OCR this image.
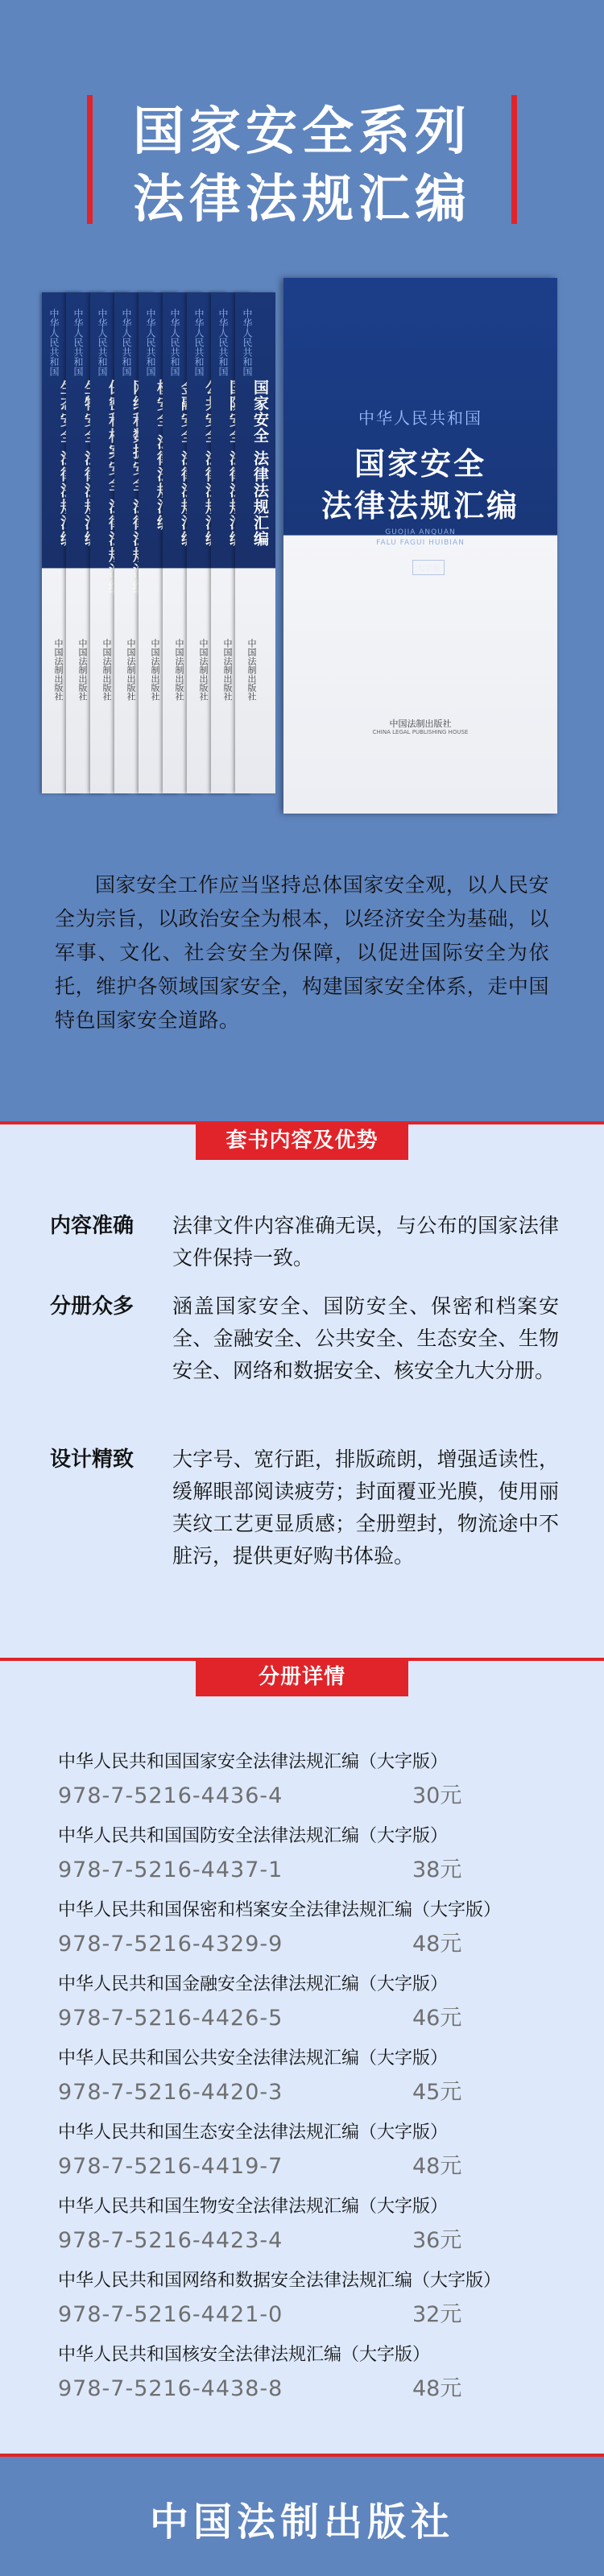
国家安全系列
法律法规汇编
中华人民共和国
中国法制出版社
中华人民共和国
中国法制出版社
中华人民共和国
中国法制出版社
中华人民共和国
中国法制出版社
中华人民共和国
中国法制出版社
中华人民共和国
中国法制出版社
中华人民共和国
中国法制出版社
中华人民共和国
中国法制出版社
中华人民共和国
国家安全 法律法规汇编
中国法制出版社
中华人民共和国
国家安全
法律法规汇编
GUOJIA ANQUAN
FALU FAGUI HUIBIAN
大字版
中国法制出版社
CHINA LEGAL PUBLISHING HOUSE
国家安全工作应当坚持总体国家安全观，以人民安全为宗旨，以政治安全为根本，以经济安全为基础，以军事、文化、社会安全为保障，以促进国际安全为依托，维护各领域国家安全，构建国家安全体系，走中国特色国家安全道路。
套书内容及优势
内容准确	法律文件内容准确无误，与公布的国家法律文件保持一致。
分册众多	涵盖国家安全、国防安全、保密和档案安全、金融安全、公共安全、生态安全、生物安全、网络和数据安全、核安全九大分册。
设计精致	大字号、宽行距，排版疏朗，增强适读性，缓解眼部阅读疲劳；封面覆亚光膜，使用丽芙纹工艺更显质感；全册塑封，物流途中不脏污，提供更好购书体验。
分册详情
中华人民共和国国家安全法律法规汇编（大字版）
978-7-5216-4436-4	30元
中华人民共和国国防安全法律法规汇编（大字版）
978-7-5216-4437-1	38元
中华人民共和国保密和档案安全法律法规汇编（大字版）
978-7-5216-4329-9	48元
中华人民共和国金融安全法律法规汇编（大字版）
978-7-5216-4426-5	46元
中华人民共和国公共安全法律法规汇编（大字版）
978-7-5216-4420-3	45元
中华人民共和国生态安全法律法规汇编（大字版）
978-7-5216-4419-7	48元
中华人民共和国生物安全法律法规汇编（大字版）
978-7-5216-4423-4	36元
中华人民共和国网络和数据安全法律法规汇编（大字版）
978-7-5216-4421-0	32元
中华人民共和国核安全法律法规汇编（大字版）
978-7-5216-4438-8	48元
中国法制出版社
